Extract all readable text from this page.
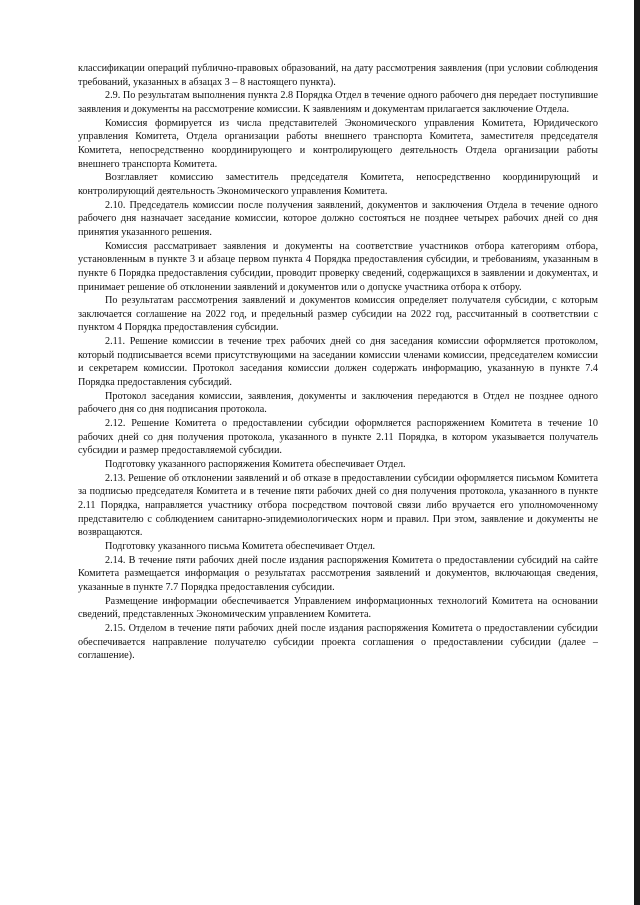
классификации операций публично-правовых образований, на дату рассмотрения заявления (при условии соблюдения требований, указанных в абзацах 3 – 8 настоящего пункта).

2.9. По результатам выполнения пункта 2.8 Порядка Отдел в течение одного рабочего дня передает поступившие заявления и документы на рассмотрение комиссии. К заявлениям и документам прилагается заключение Отдела.

Комиссия формируется из числа представителей Экономического управления Комитета, Юридического управления Комитета, Отдела организации работы внешнего транспорта Комитета, заместителя председателя Комитета, непосредственно координирующего и контролирующего деятельность Отдела организации работы внешнего транспорта Комитета.

Возглавляет комиссию заместитель председателя Комитета, непосредственно координирующий и контролирующий деятельность Экономического управления Комитета.

2.10. Председатель комиссии после получения заявлений, документов и заключения Отдела в течение одного рабочего дня назначает заседание комиссии, которое должно состояться не позднее четырех рабочих дней со дня принятия указанного решения.

Комиссия рассматривает заявления и документы на соответствие участников отбора категориям отбора, установленным в пункте 3 и абзаце первом пункта 4 Порядка предоставления субсидии, и требованиям, указанным в пункте 6 Порядка предоставления субсидии, проводит проверку сведений, содержащихся в заявлении и документах, и принимает решение об отклонении заявлений и документов или о допуске участника отбора к отбору.

По результатам рассмотрения заявлений и документов комиссия определяет получателя субсидии, с которым заключается соглашение на 2022 год, и предельный размер субсидии на 2022 год, рассчитанный в соответствии с пунктом 4 Порядка предоставления субсидии.

2.11. Решение комиссии в течение трех рабочих дней со дня заседания комиссии оформляется протоколом, который подписывается всеми присутствующими на заседании комиссии членами комиссии, председателем комиссии и секретарем комиссии. Протокол заседания комиссии должен содержать информацию, указанную в пункте 7.4 Порядка предоставления субсидий.

Протокол заседания комиссии, заявления, документы и заключения передаются в Отдел не позднее одного рабочего дня со дня подписания протокола.

2.12. Решение Комитета о предоставлении субсидии оформляется распоряжением Комитета в течение 10 рабочих дней со дня получения протокола, указанного в пункте 2.11 Порядка, в котором указывается получатель субсидии и размер предоставляемой субсидии.

Подготовку указанного распоряжения Комитета обеспечивает Отдел.

2.13. Решение об отклонении заявлений и об отказе в предоставлении субсидии оформляется письмом Комитета за подписью председателя Комитета и в течение пяти рабочих дней со дня получения протокола, указанного в пункте 2.11 Порядка, направляется участнику отбора посредством почтовой связи либо вручается его уполномоченному представителю с соблюдением санитарно-эпидемиологических норм и правил. При этом, заявление и документы не возвращаются.

Подготовку указанного письма Комитета обеспечивает Отдел.

2.14. В течение пяти рабочих дней после издания распоряжения Комитета о предоставлении субсидий на сайте Комитета размещается информация о результатах рассмотрения заявлений и документов, включающая сведения, указанные в пункте 7.7 Порядка предоставления субсидии.

Размещение информации обеспечивается Управлением информационных технологий Комитета на основании сведений, представленных Экономическим управлением Комитета.

2.15. Отделом в течение пяти рабочих дней после издания распоряжения Комитета о предоставлении субсидии обеспечивается направление получателю субсидии проекта соглашения о предоставлении субсидии (далее – соглашение).
